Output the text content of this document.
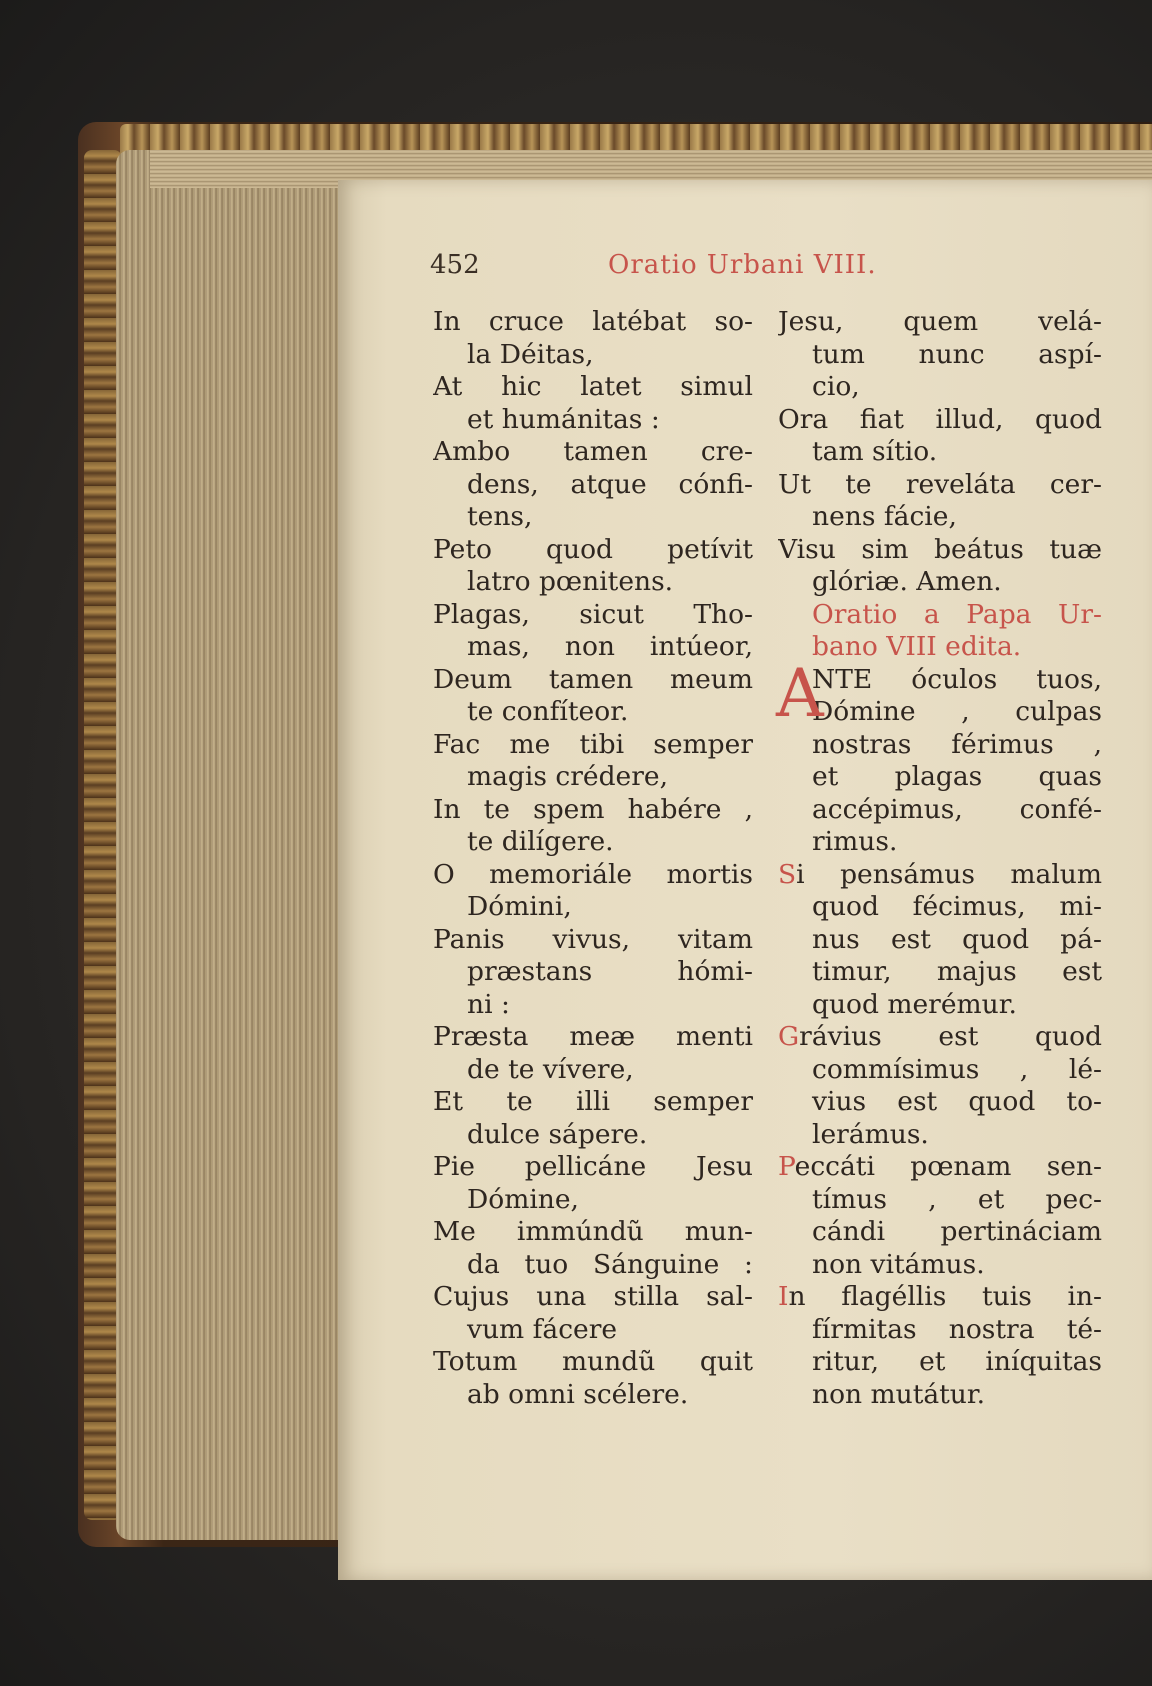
452	Oratio Urbani VIII.
In cruce latébat so-
la Déitas,
At hic latet simul
et humánitas :
Ambo tamen cre-
dens, atque cónfi-
tens,
Peto quod petívit
latro pœnitens.
Plagas, sicut Tho-
mas, non intúeor,
Deum tamen meum
te confíteor.
Fac me tibi semper
magis crédere,
In te spem habére ,
te dilígere.
O memoriále mortis
Dómini,
Panis vivus, vitam
præstans hómi-
ni :
Præsta meæ menti
de te vívere,
Et te illi semper
dulce sápere.
Pie pellicáne Jesu
Dómine,
Me immúndũ mun-
da tuo Sánguine :
Cujus una stilla sal-
vum fácere
Totum mundũ quit
ab omni scélere.
Jesu, quem velá-
tum nunc aspí-
cio,
Ora fiat illud, quod
tam sítio.
Ut te reveláta cer-
nens fácie,
Visu sim beátus tuæ
glóriæ. Amen.
Oratio a Papa Ur-
bano VIII edita.
A
NTE óculos tuos,
Dómine , culpas
nostras férimus ,
et plagas quas
accépimus, confé-
rimus.
Si pensámus malum
quod fécimus, mi-
nus est quod pá-
timur, majus est
quod merémur.
Grávius est quod
commísimus , lé-
vius est quod to-
lerámus.
Peccáti pœnam sen-
tímus , et pec-
cándi pertináciam
non vitámus.
In flagéllis tuis in-
fírmitas nostra té-
ritur, et iníquitas
non mutátur.
